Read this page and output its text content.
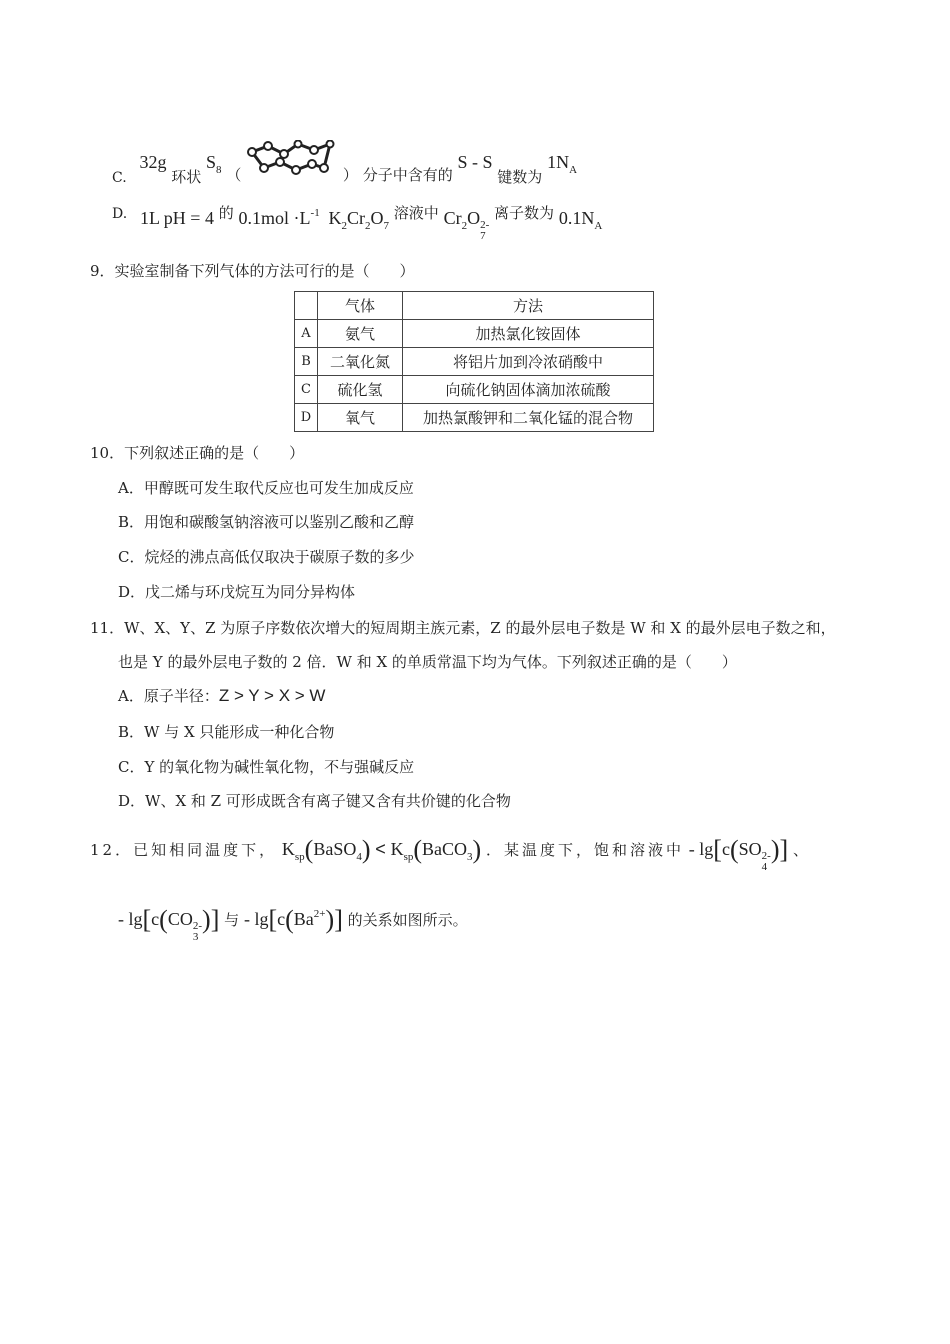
C. 32g 环状 $S_8$ （	） 分子中含有的 S - S 键数为 $1N_A$
D. 1L pH = 4 的 $0.1mol \cdot L^{-1}$ $K_2Cr_2O_7$ 溶液中 $Cr_2O$ 2-
7
离子数为 $0.1N_A$
9．实验室制备下列气体的方法可行的是（　　）
	气体	方法
A	氨气	加热氯化铵固体
B	二氧化氮	将铝片加到冷浓硝酸中
C	硫化氢	向硫化钠固体滴加浓硫酸
D	氧气	加热氯酸钾和二氧化锰的混合物
10．下列叙述正确的是（　　）
A．甲醇既可发生取代反应也可发生加成反应
B．用饱和碳酸氢钠溶液可以鉴别乙酸和乙醇
C．烷烃的沸点高低仅取决于碳原子数的多少
D．戊二烯与环戊烷互为同分异构体
11．W、X、Y、Z 为原子序数依次增大的短周期主族元素，Z 的最外层电子数是 W 和 X 的最外层电子数之和，
也是 Y 的最外层电子数的 2 倍．W 和 X 的单质常温下均为气体。下列叙述正确的是（　　）
A．原子半径：Z > Y > X > W
B．W 与 X 只能形成一种化合物
C．Y 的氧化物为碱性氧化物，不与强碱反应
D．W、X 和 Z 可形成既含有离子键又含有共价键的化合物
12．已知相同温度下， $K_{sp}(BaSO_4)$ < $K_{sp}(BaCO_3)$ ．某温度下，饱和溶液中 - lg[c(SO 2-
4
)] 、
- lg[c(CO 2-
3
)] 与 - $\lg[c(Ba^{2+})]$ 的关系如图所示。
